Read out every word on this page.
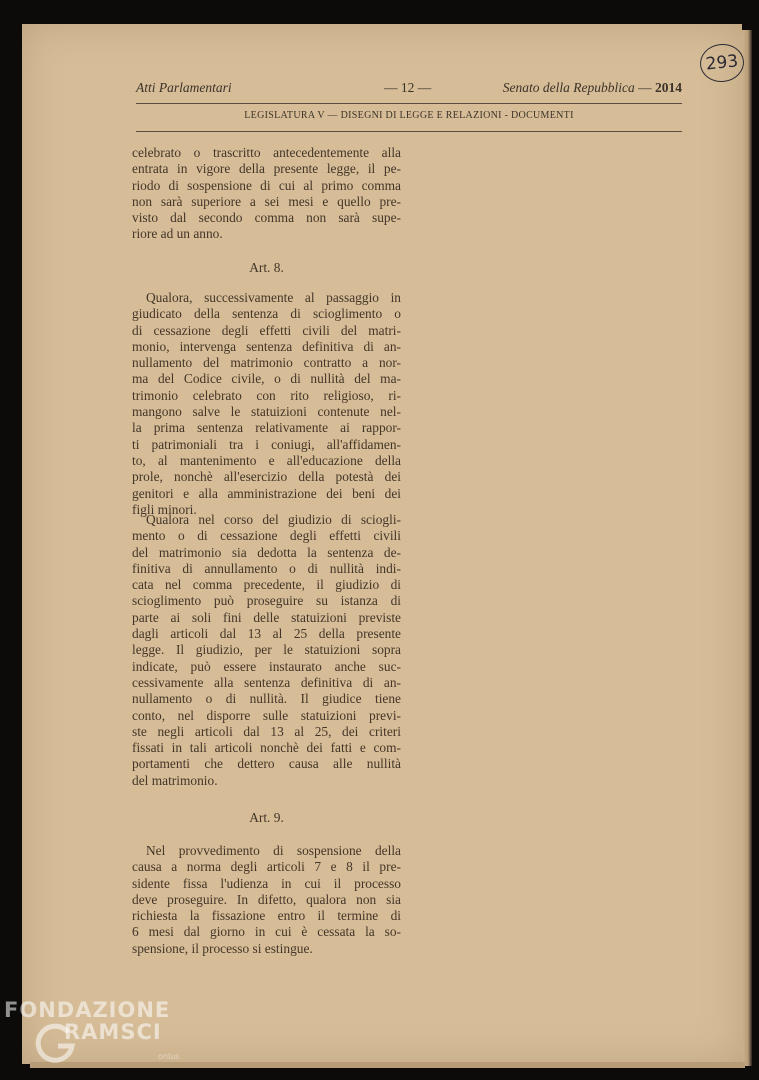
293
Atti Parlamentari	— 12 —	Senato della Repubblica — 2014
LEGISLATURA V — DISEGNI DI LEGGE E RELAZIONI - DOCUMENTI
celebrato o trascritto antecedentemente alla
entrata in vigore della presente legge, il pe-
riodo di sospensione di cui al primo comma
non sarà superiore a sei mesi e quello pre-
visto dal secondo comma non sarà supe-
riore ad un anno.
Art. 8.
Qualora, successivamente al passaggio in
giudicato della sentenza di scioglimento o
di cessazione degli effetti civili del matri-
monio, intervenga sentenza definitiva di an-
nullamento del matrimonio contratto a nor-
ma del Codice civile, o di nullità del ma-
trimonio celebrato con rito religioso, ri-
mangono salve le statuizioni contenute nel-
la prima sentenza relativamente ai rappor-
ti patrimoniali tra i coniugi, all'affidamen-
to, al mantenimento e all'educazione della
prole, nonchè all'esercizio della potestà dei
genitori e alla amministrazione dei beni dei
figli minori.
Qualora nel corso del giudizio di sciogli-
mento o di cessazione degli effetti civili
del matrimonio sia dedotta la sentenza de-
finitiva di annullamento o di nullità indi-
cata nel comma precedente, il giudizio di
scioglimento può proseguire su istanza di
parte ai soli fini delle statuizioni previste
dagli articoli dal 13 al 25 della presente
legge. Il giudizio, per le statuizioni sopra
indicate, può essere instaurato anche suc-
cessivamente alla sentenza definitiva di an-
nullamento o di nullità. Il giudice tiene
conto, nel disporre sulle statuizioni previ-
ste negli articoli dal 13 al 25, dei criteri
fissati in tali articoli nonchè dei fatti e com-
portamenti che dettero causa alle nullità
del matrimonio.
Art. 9.
Nel provvedimento di sospensione della
causa a norma degli articoli 7 e 8 il pre-
sidente fissa l'udienza in cui il processo
deve proseguire. In difetto, qualora non sia
richiesta la fissazione entro il termine di
6 mesi dal giorno in cui è cessata la so-
spensione, il processo si estingue.
FONDAZIONE
RAMSCI
onlus
